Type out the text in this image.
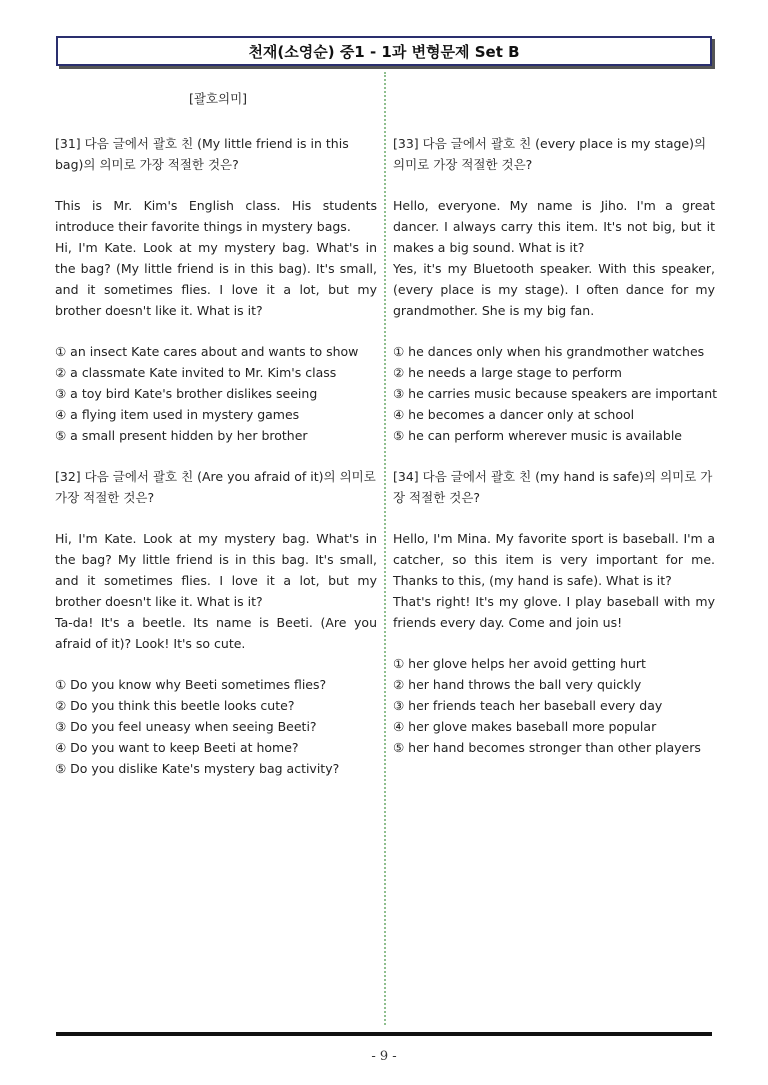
천재(소영순) 중1 - 1과 변형문제 Set B
[괄호의미]
[31] 다음 글에서 괄호 친 (My little friend is in this bag)의 의미로 가장 적절한 것은?

This is Mr. Kim's English class. His students introduce their favorite things in mystery bags.

Hi, I'm Kate. Look at my mystery bag. What's in the bag? (My little friend is in this bag). It's small, and it sometimes flies. I love it a lot, but my brother doesn't like it. What is it?

① an insect Kate cares about and wants to show
② a classmate Kate invited to Mr. Kim's class
③ a toy bird Kate's brother dislikes seeing
④ a flying item used in mystery games
⑤ a small present hidden by her brother
[32] 다음 글에서 괄호 친 (Are you afraid of it)의 의미로 가장 적절한 것은?

Hi, I'm Kate. Look at my mystery bag. What's in the bag? My little friend is in this bag. It's small, and it sometimes flies. I love it a lot, but my brother doesn't like it. What is it?

Ta-da! It's a beetle. Its name is Beeti. (Are you afraid of it)? Look! It's so cute.

① Do you know why Beeti sometimes flies?
② Do you think this beetle looks cute?
③ Do you feel uneasy when seeing Beeti?
④ Do you want to keep Beeti at home?
⑤ Do you dislike Kate's mystery bag activity?
[33] 다음 글에서 괄호 친 (every place is my stage)의 의미로 가장 적절한 것은?

Hello, everyone. My name is Jiho. I'm a great dancer. I always carry this item. It's not big, but it makes a big sound. What is it?

Yes, it's my Bluetooth speaker. With this speaker, (every place is my stage). I often dance for my grandmother. She is my big fan.

① he dances only when his grandmother watches
② he needs a large stage to perform
③ he carries music because speakers are important
④ he becomes a dancer only at school
⑤ he can perform wherever music is available
[34] 다음 글에서 괄호 친 (my hand is safe)의 의미로 가장 적절한 것은?

Hello, I'm Mina. My favorite sport is baseball. I'm a catcher, so this item is very important for me. Thanks to this, (my hand is safe). What is it?

That's right! It's my glove. I play baseball with my friends every day. Come and join us!

① her glove helps her avoid getting hurt
② her hand throws the ball very quickly
③ her friends teach her baseball every day
④ her glove makes baseball more popular
⑤ her hand becomes stronger than other players
- 9 -
